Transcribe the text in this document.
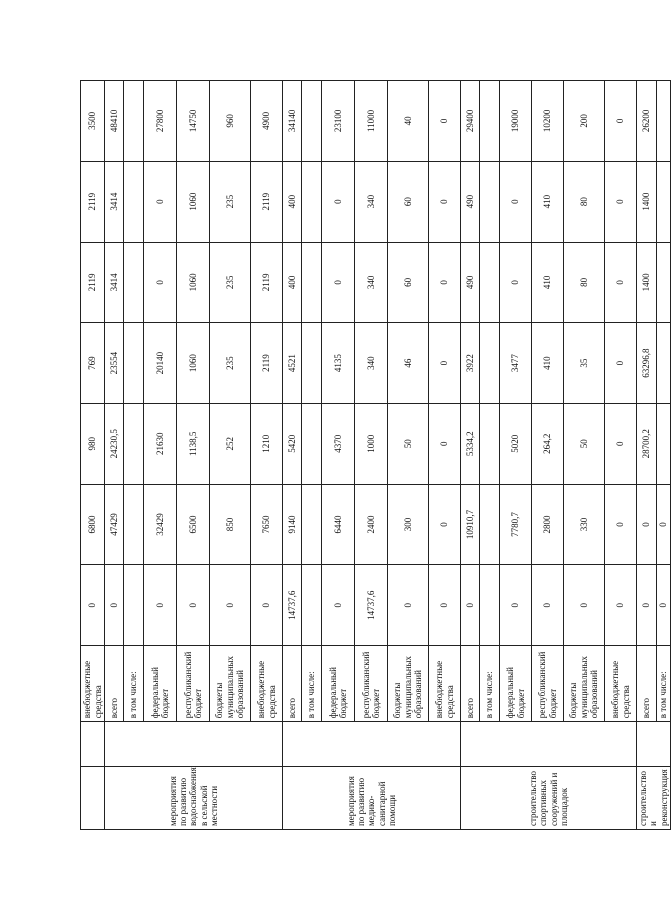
		внебюджетные средства	0	6800	980	769	2119	2119	3500
мероприятия по развитию водоснабжения в сельской местности		всего	0	47429	24230,5	23554	3414	3414	48410
		в том числе:							
		федеральный бюджет	0	32429	21630	20140	0	0	27800
		республиканский бюджет	0	6500	1138,5	1060	1060	1060	14750
		бюджеты муниципальных образований	0	850	252	235	235	235	960
		внебюджетные средства	0	7650	1210	2119	2119	2119	4900
мероприятия по развитию медико-санитарной помощи		всего	14737,6	9140	5420	4521	400	400	34140
		в том числе:							
		федеральный бюджет	0	6440	4370	4135	0	0	23100
		республиканский бюджет	14737,6	2400	1000	340	340	340	11000
		бюджеты муниципальных образований	0	300	50	46	60	60	40
		внебюджетные средства	0	0	0	0	0	0	0
строительство спортивных сооружений и площадок		всего	0	10910,7	5334,2	3922	490	490	29400
		в том числе:							
		федеральный бюджет	0	7780,7	5020	3477	0	0	19000
		республиканский бюджет	0	2800	264,2	410	410	410	10200
		бюджеты муниципальных образований	0	330	50	35	80	80	200
		внебюджетные средства	0	0	0	0	0	0	0
строительство и реконструкция		всего	0	0	28700,2	63296,8	1400	1400	26200
		в том числе:	0	0					
